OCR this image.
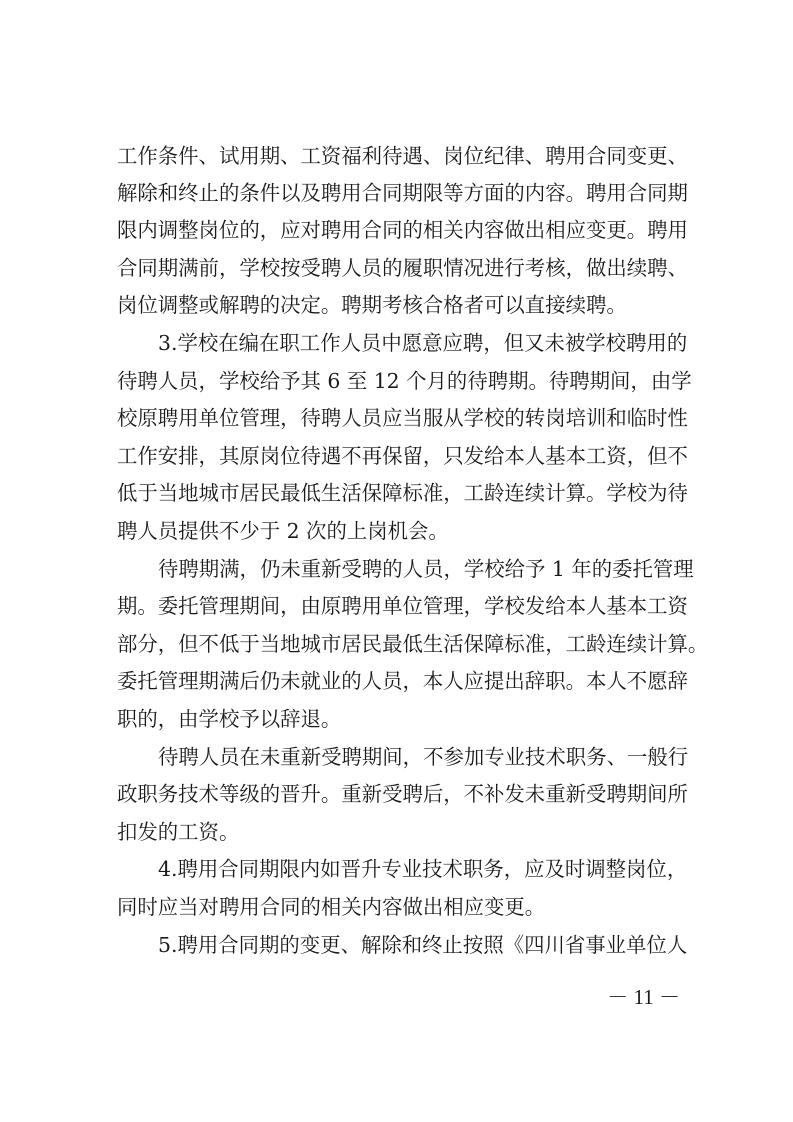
工作条件、试用期、工资福利待遇、岗位纪律、聘用合同变更、
解除和终止的条件以及聘用合同期限等方面的内容。聘用合同期
限内调整岗位的，应对聘用合同的相关内容做出相应变更。聘用
合同期满前，学校按受聘人员的履职情况进行考核，做出续聘、
岗位调整或解聘的决定。聘期考核合格者可以直接续聘。
3.学校在编在职工作人员中愿意应聘，但又未被学校聘用的
待聘人员，学校给予其 6 至 12 个月的待聘期。待聘期间，由学
校原聘用单位管理，待聘人员应当服从学校的转岗培训和临时性
工作安排，其原岗位待遇不再保留，只发给本人基本工资，但不
低于当地城市居民最低生活保障标准，工龄连续计算。学校为待
聘人员提供不少于 2 次的上岗机会。
待聘期满，仍未重新受聘的人员，学校给予 1 年的委托管理
期。委托管理期间，由原聘用单位管理，学校发给本人基本工资
部分，但不低于当地城市居民最低生活保障标准，工龄连续计算。
委托管理期满后仍未就业的人员，本人应提出辞职。本人不愿辞
职的，由学校予以辞退。
待聘人员在未重新受聘期间，不参加专业技术职务、一般行
政职务技术等级的晋升。重新受聘后，不补发未重新受聘期间所
扣发的工资。
4.聘用合同期限内如晋升专业技术职务，应及时调整岗位，
同时应当对聘用合同的相关内容做出相应变更。
5.聘用合同期的变更、解除和终止按照《四川省事业单位人
－ 11 －
